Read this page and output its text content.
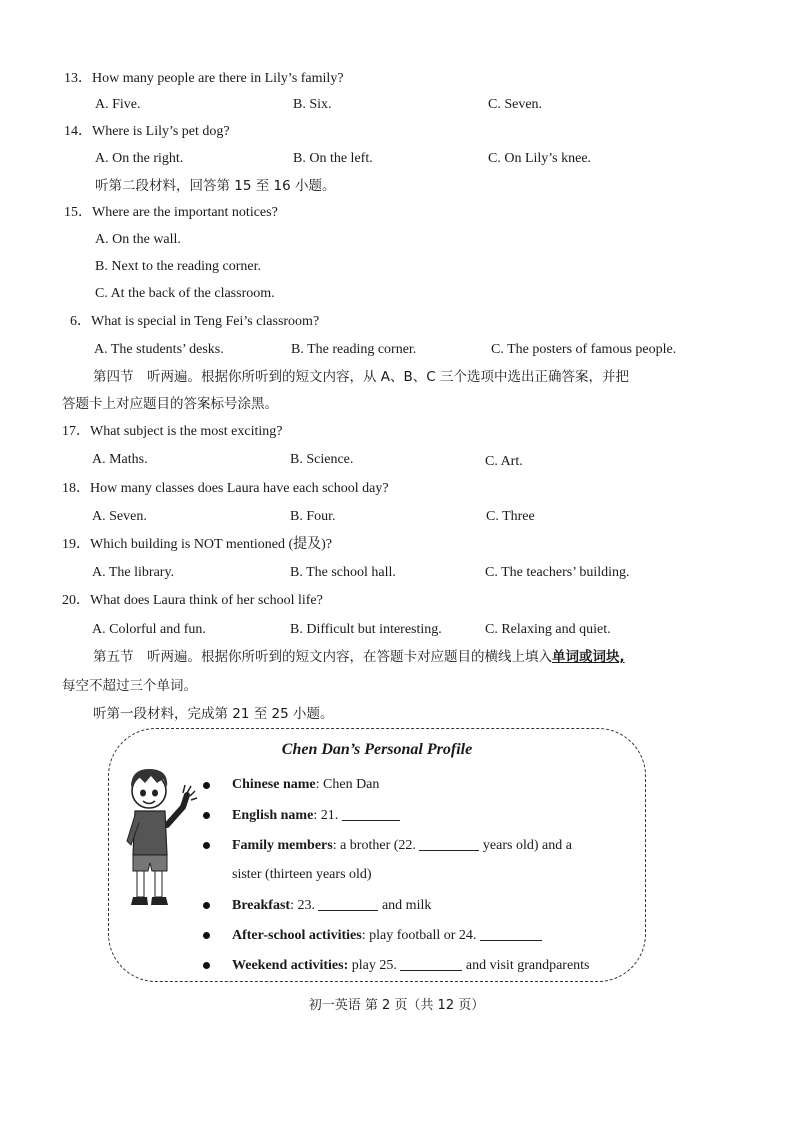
13．How many people are there in Lily’s family?
A. Five.	B. Six.	C. Seven.
14．Where is Lily’s pet dog?
A. On the right.	B. On the left.	C. On Lily’s knee.
听第二段材料，回答第 15 至 16 小题。
15．Where are the important notices?
A. On the wall.
B. Next to the reading corner.
C. At the back of the classroom.
6．What is special in Teng Fei’s classroom?
A. The students’ desks.	B. The reading corner.	C. The posters of famous people.
第四节　听两遍。根据你所听到的短文内容，从 A、B、C 三个选项中选出正确答案，并把
答题卡上对应题目的答案标号涂黑。
17．What subject is the most exciting?
A. Maths.	B. Science.	C. Art.
18．How many classes does Laura have each school day?
A. Seven.	B. Four.	C. Three
19．Which building is NOT mentioned (提及)?
A. The library.	B. The school hall.	C. The teachers’ building.
20．What does Laura think of her school life?
A. Colorful and fun.	B. Difficult but interesting.	C. Relaxing and quiet.
第五节　听两遍。根据你所听到的短文内容，在答题卡对应题目的横线上填入单词或词块,
每空不超过三个单词。
听第一段材料，完成第 21 至 25 小题。
Chen Dan’s Personal Profile
Chinese name: Chen Dan
English name: 21.
Family members: a brother (22.	years old) and a
sister (thirteen years old)
Breakfast: 23.	and milk
After-school activities: play football or 24.
Weekend activities: play 25.	and visit grandparents
初一英语 第 2 页（共 12 页）
